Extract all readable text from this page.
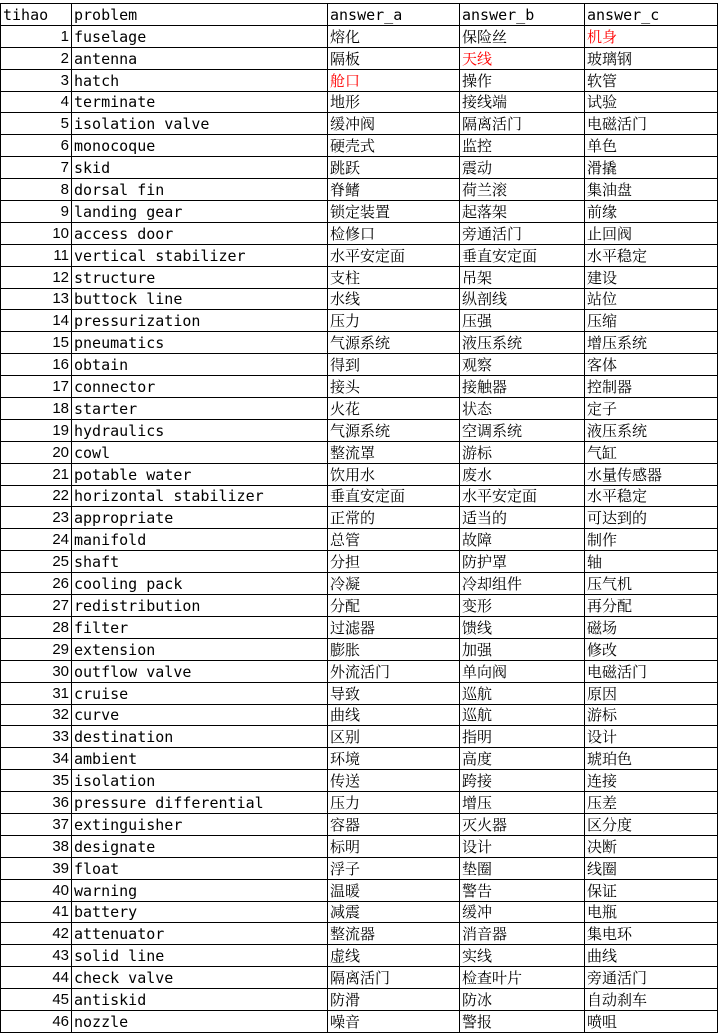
tihao	problem	answer_a	answer_b	answer_c
1	fuselage	熔化	保险丝	机身
2	antenna	隔板	天线	玻璃钢
3	hatch	舱口	操作	软管
4	terminate	地形	接线端	试验
5	isolation valve	缓冲阀	隔离活门	电磁活门
6	monocoque	硬壳式	监控	单色
7	skid	跳跃	震动	滑撬
8	dorsal fin	脊鳍	荷兰滚	集油盘
9	landing gear	锁定装置	起落架	前缘
10	access door	检修口	旁通活门	止回阀
11	vertical stabilizer	水平安定面	垂直安定面	水平稳定
12	structure	支柱	吊架	建设
13	buttock line	水线	纵剖线	站位
14	pressurization	压力	压强	压缩
15	pneumatics	气源系统	液压系统	增压系统
16	obtain	得到	观察	客体
17	connector	接头	接触器	控制器
18	starter	火花	状态	定子
19	hydraulics	气源系统	空调系统	液压系统
20	cowl	整流罩	游标	气缸
21	potable water	饮用水	废水	水量传感器
22	horizontal stabilizer	垂直安定面	水平安定面	水平稳定
23	appropriate	正常的	适当的	可达到的
24	manifold	总管	故障	制作
25	shaft	分担	防护罩	轴
26	cooling pack	冷凝	冷却组件	压气机
27	redistribution	分配	变形	再分配
28	filter	过滤器	馈线	磁场
29	extension	膨胀	加强	修改
30	outflow valve	外流活门	单向阀	电磁活门
31	cruise	导致	巡航	原因
32	curve	曲线	巡航	游标
33	destination	区别	指明	设计
34	ambient	环境	高度	琥珀色
35	isolation	传送	跨接	连接
36	pressure differential	压力	增压	压差
37	extinguisher	容器	灭火器	区分度
38	designate	标明	设计	决断
39	float	浮子	垫圈	线圈
40	warning	温暖	警告	保证
41	battery	减震	缓冲	电瓶
42	attenuator	整流器	消音器	集电环
43	solid line	虚线	实线	曲线
44	check valve	隔离活门	检查叶片	旁通活门
45	antiskid	防滑	防冰	自动刹车
46	nozzle	噪音	警报	喷咀
